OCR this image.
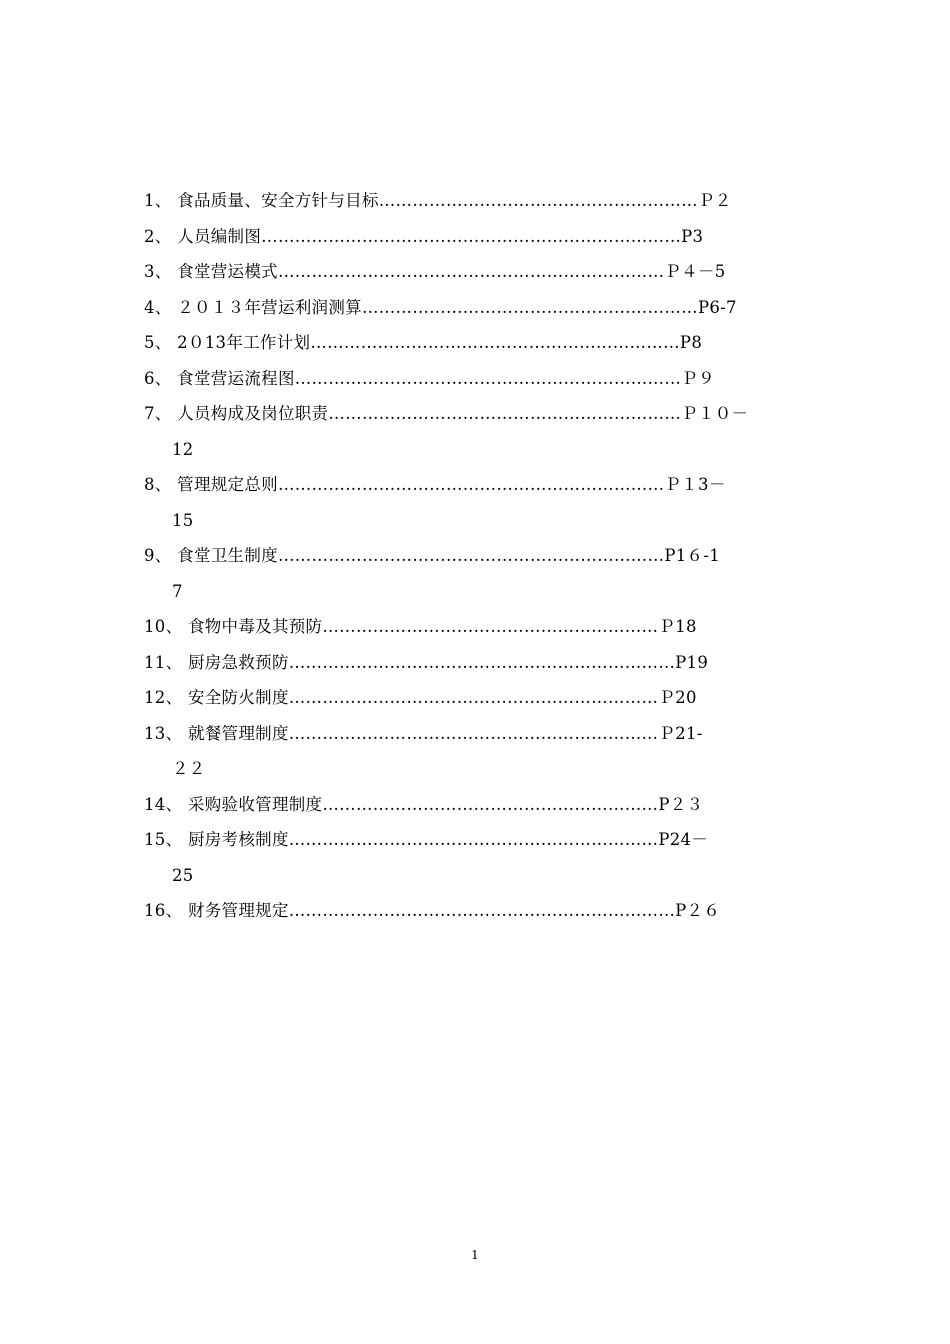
1、 食品质量、安全方针与目标…………………………………………………Ｐ２
2、 人员编制图…………………………………………………………………P3
3、 食堂营运模式……………………………………………………………Ｐ４－5
4、 ２０１３年营运利润测算……………………………………………………P6-7
5、 2０13年工作计划…………………………………………………………P8
6、 食堂营运流程图……………………………………………………………Ｐ９
7、 人员构成及岗位职责………………………………………………………Ｐ１０－
12
8、 管理规定总则……………………………………………………………Ｐ１3－
15
9、 食堂卫生制度……………………………………………………………P1６-1
7
10、 食物中毒及其预防……………………………………………………Ｐ18
11、 厨房急救预防……………………………………………………………P19
12、 安全防火制度…………………………………………………………Ｐ20
13、 就餐管理制度…………………………………………………………Ｐ21-
２２
14、 采购验收管理制度……………………………………………………P２３
15、 厨房考核制度…………………………………………………………P24－
25
16、 财务管理规定……………………………………………………………P２６
1
